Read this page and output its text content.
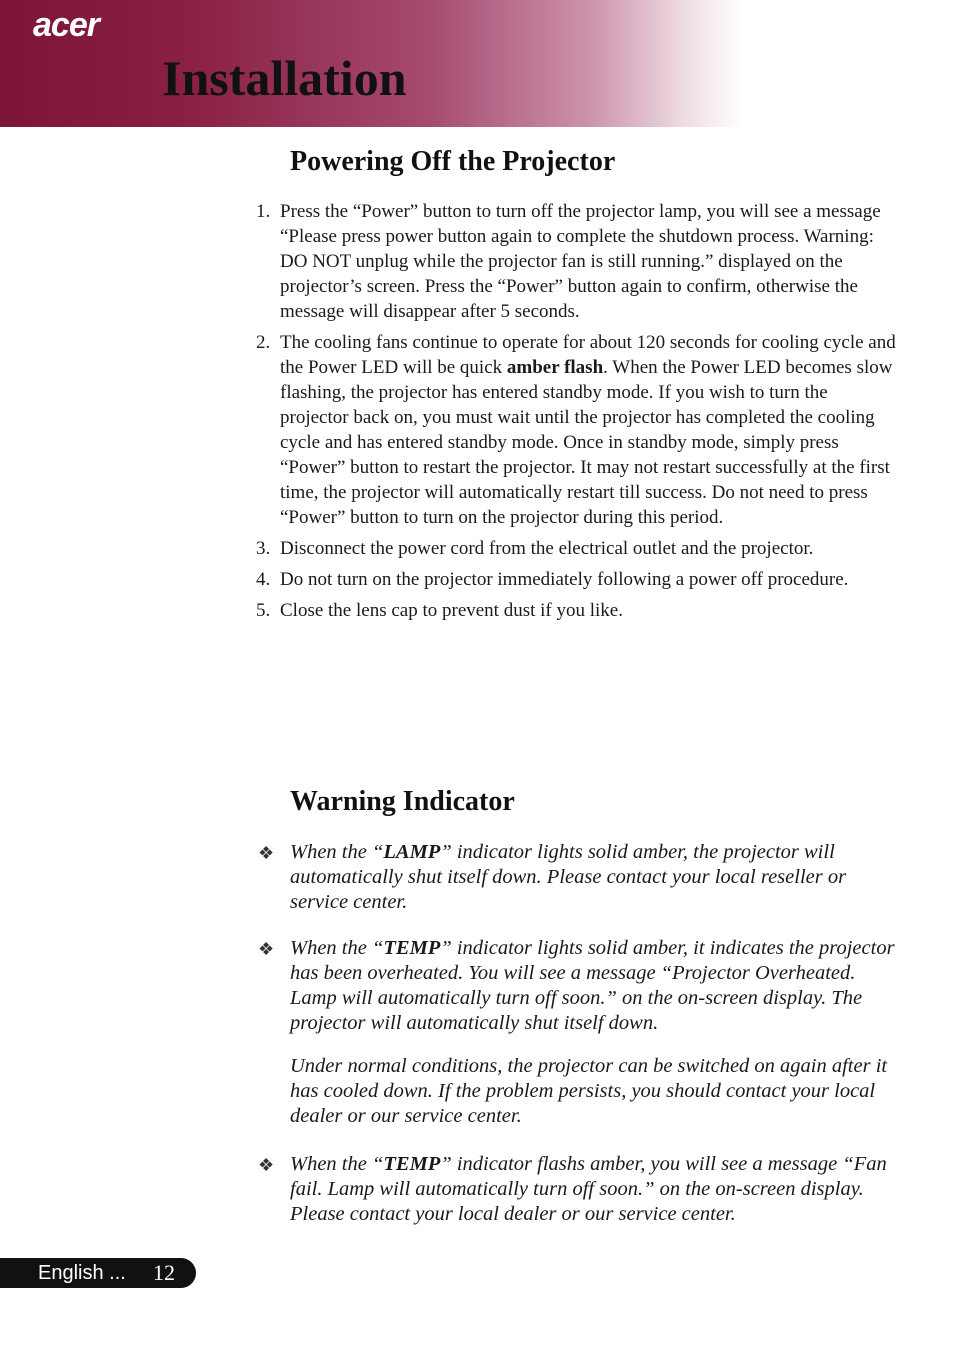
acer
Installation
Powering Off the Projector
1. Press the “Power” button to turn off the projector lamp, you will see a message “Please press power button again to complete the shutdown process. Warning: DO NOT unplug while the projector fan is still running.” displayed on the projector’s screen. Press the “Power” button again to confirm, otherwise the message will disappear after 5 seconds.
2. The cooling fans continue to operate for about 120 seconds for cooling cycle and the Power LED will be quick amber flash. When the Power LED becomes slow flashing, the projector has entered standby mode. If you wish to turn the projector back on, you must wait until the projector has completed the cooling cycle and has entered standby mode. Once in standby mode, simply press “Power” button to restart the projector. It may not restart successfully at the first time, the projector will automatically restart till success. Do not need to press “Power” button to turn on the projector during this period.
3. Disconnect the power cord from the electrical outlet and the projector.
4. Do not turn on the projector immediately following a power off procedure.
5. Close the lens cap to prevent dust if you like.
Warning Indicator
❖ When the “LAMP” indicator lights solid amber, the projector will automatically shut itself down. Please contact your local reseller or service center.
❖ When the “TEMP” indicator lights solid amber, it indicates the projector has been overheated. You will see a message “Projector Overheated. Lamp will automatically turn off soon.” on the on-screen display. The projector will automatically shut itself down.
Under normal conditions, the projector can be switched on again after it has cooled down. If the problem persists, you should contact your local dealer or our service center.
❖ When the “TEMP” indicator flashs amber, you will see a message “Fan fail. Lamp will automatically turn off soon.” on the on-screen display. Please contact your local dealer or our service center.
English ... 12
